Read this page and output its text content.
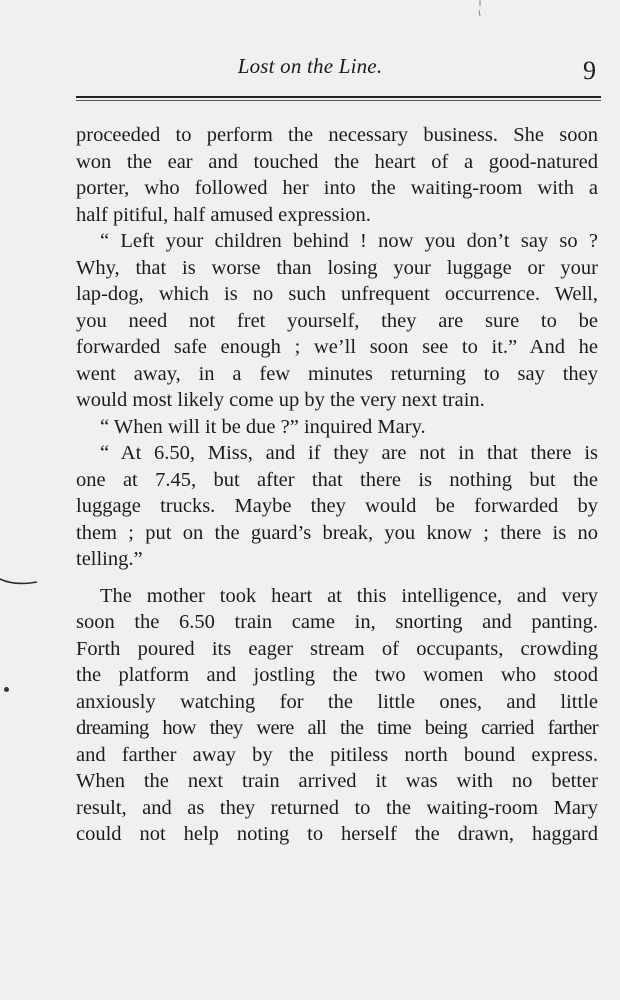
Lost on the Line.	9
proceeded to perform the necessary business. She soon
won the ear and touched the heart of a good-natured
porter, who followed her into the waiting-room with a
half pitiful, half amused expression.
“ Left your children behind ! now you don’t say so ?
Why, that is worse than losing your luggage or your
lap-dog, which is no such unfrequent occurrence. Well,
you need not fret yourself, they are sure to be
forwarded safe enough ; we’ll soon see to it.” And he
went away, in a few minutes returning to say they
would most likely come up by the very next train.
“ When will it be due ?” inquired Mary.
“ At 6.50, Miss, and if they are not in that there is
one at 7.45, but after that there is nothing but the
luggage trucks. Maybe they would be forwarded by
them ; put on the guard’s break, you know ; there is no
telling.”
The mother took heart at this intelligence, and very
soon the 6.50 train came in, snorting and panting.
Forth poured its eager stream of occupants, crowding
the platform and jostling the two women who stood
anxiously watching for the little ones, and little
dreaming how they were all the time being carried farther
and farther away by the pitiless north bound express.
When the next train arrived it was with no better
result, and as they returned to the waiting-room Mary
could not help noting to herself the drawn, haggard
